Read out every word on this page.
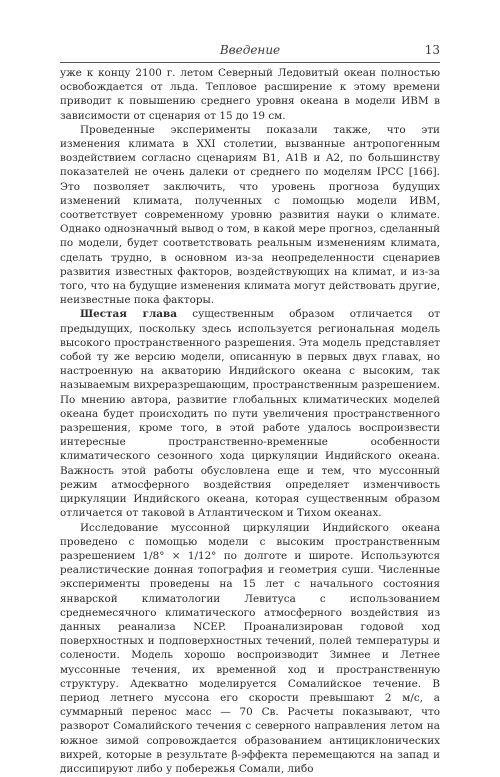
Введение	13

уже к концу 2100 г. летом Северный Ледовитый океан полностью освобождается от льда. Тепловое расширение к этому времени приводит к повышению среднего уровня океана в модели ИВМ в зависимости от сценария от 15 до 19 см.

Проведенные эксперименты показали также, что эти изменения климата в XXI столетии, вызванные антропогенным воздействием согласно сценариям B1, A1B и A2, по большинству показателей не очень далеки от среднего по моделям IPCC [166]. Это позволяет заключить, что уровень прогноза будущих изменений климата, полученных с помощью модели ИВМ, соответствует современному уровню развития науки о климате. Однако однозначный вывод о том, в какой мере прогноз, сделанный по модели, будет соответствовать реальным изменениям климата, сделать трудно, в основном из-за неопределенности сценариев развития известных факторов, воздействующих на климат, и из-за того, что на будущие изменения климата могут действовать другие, неизвестные пока факторы.

Шестая глава существенным образом отличается от предыдущих, поскольку здесь используется региональная модель высокого пространственного разрешения. Эта модель представляет собой ту же версию модели, описанную в первых двух главах, но настроенную на акваторию Индийского океана с высоким, так называемым вихреразрешающим, пространственным разрешением. По мнению автора, развитие глобальных климатических моделей океана будет происходить по пути увеличения пространственного разрешения, кроме того, в этой работе удалось воспроизвести интересные пространственно-временные особенности климатического сезонного хода циркуляции Индийского океана. Важность этой работы обусловлена еще и тем, что муссонный режим атмосферного воздействия определяет изменчивость циркуляции Индийского океана, которая существенным образом отличается от таковой в Атлантическом и Тихом океанах.

Исследование муссонной циркуляции Индийского океана проведено с помощью модели с высоким пространственным разрешением 1/8° × 1/12° по долготе и широте. Используются реалистические донная топография и геометрия суши. Численные эксперименты проведены на 15 лет с начального состояния январской климатологии Левитуса с использованием среднемесячного климатического атмосферного воздействия из данных реанализа NCEP. Проанализирован годовой ход поверхностных и подповерхностных течений, полей температуры и солености. Модель хорошо воспроизводит Зимнее и Летнее муссонные течения, их временной ход и пространственную структуру. Адекватно моделируется Сомалийское течение. В период летнего муссона его скорости превышают 2 м/с, а суммарный перенос масс — 70 Св. Расчеты показывают, что разворот Сомалийского течения с северного направления летом на южное зимой сопровождается образованием антициклонических вихрей, которые в результате β-эффекта перемещаются на запад и диссипируют либо у побережья Сомали, либо
